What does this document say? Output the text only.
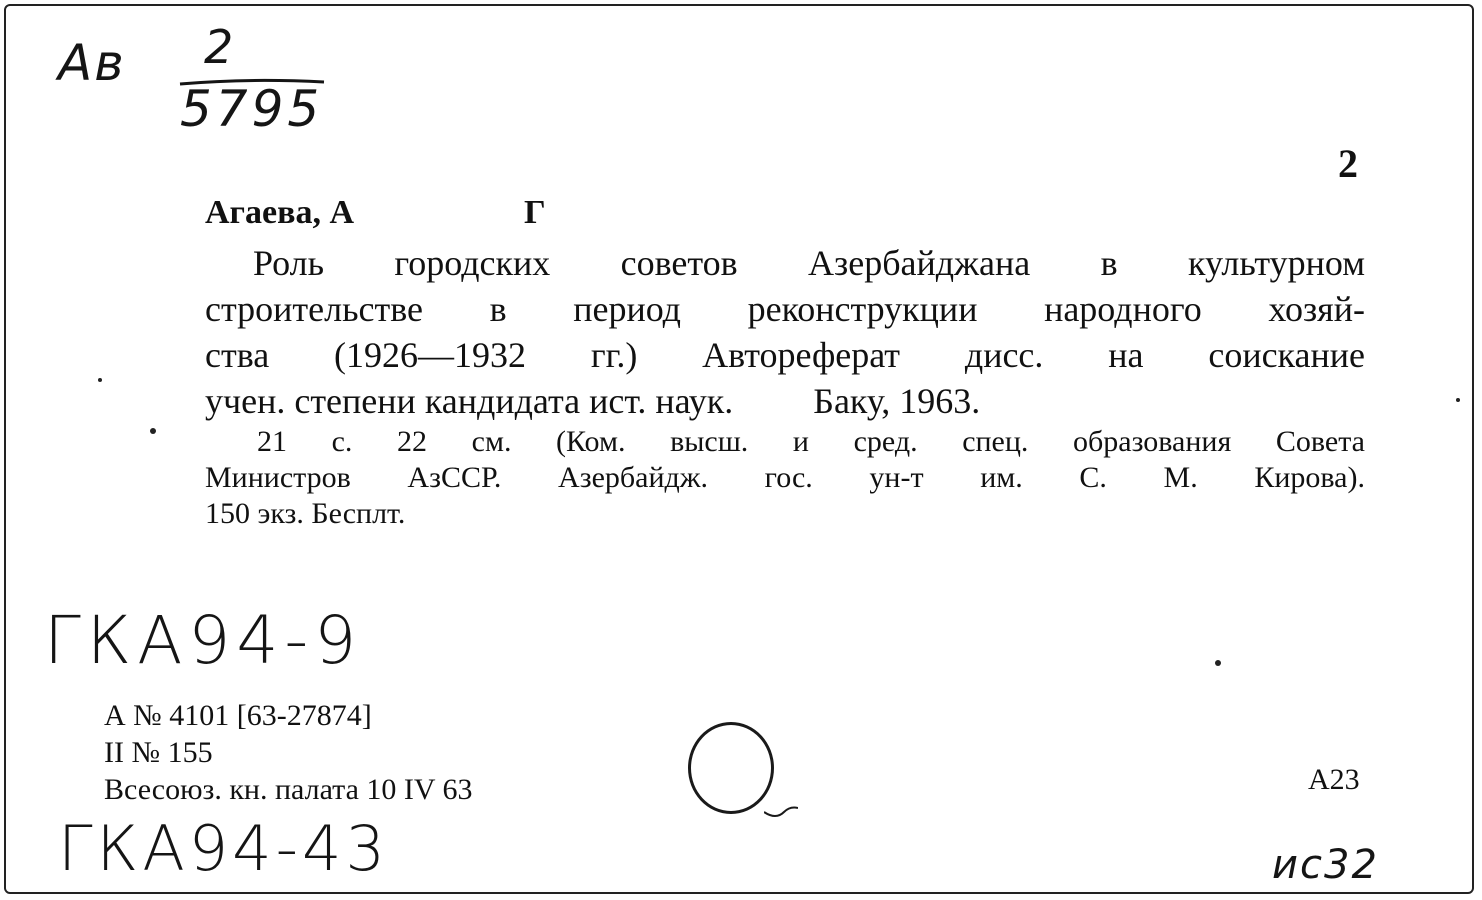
Ав 2
5795
2
Агаева, А	Г
Роль городских советов Азербайджана в культурном
строительстве в период реконструкции народного хозяй-
ства (1926—1932 гг.) Автореферат дисс. на соискание
учен. степени кандидата ист. наук. Баку, 1963.
21 с. 22 см. (Ком. высш. и сред. спец. образования Совета
Министров АзССР. Азербайдж. гос. ун-т им. С. М. Кирова).
150 экз. Бесплт.
ГКА94-9
А № 4101 [63-27874]
II № 155
Всесоюз. кн. палата 10 IV 63	А23
ГКА94-43	ис32
